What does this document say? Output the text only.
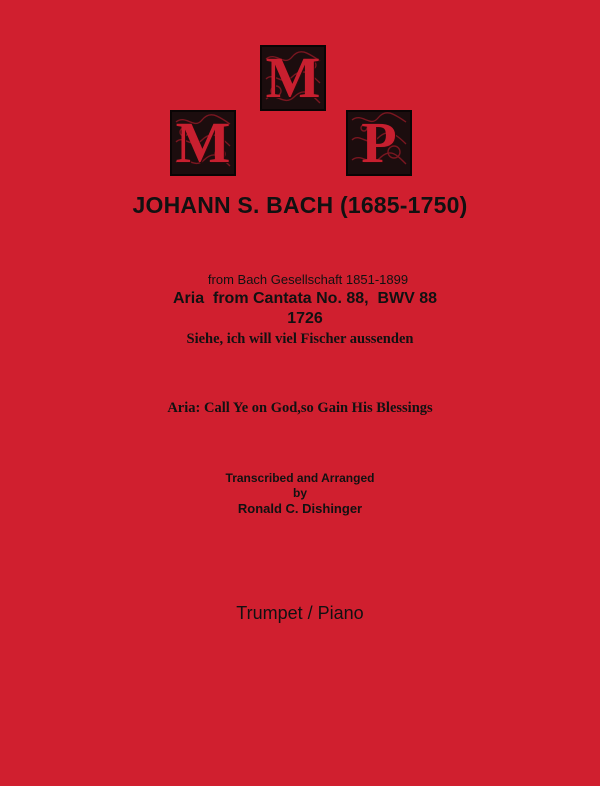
M
M
P
JOHANN S. BACH (1685-1750)
from Bach Gesellschaft 1851-1899
Aria  from Cantata No. 88,  BWV 88
1726
Siehe, ich will viel Fischer aussenden
Aria: Call Ye on God,so Gain His Blessings
Transcribed and Arranged
by
Ronald C. Dishinger
Trumpet / Piano
